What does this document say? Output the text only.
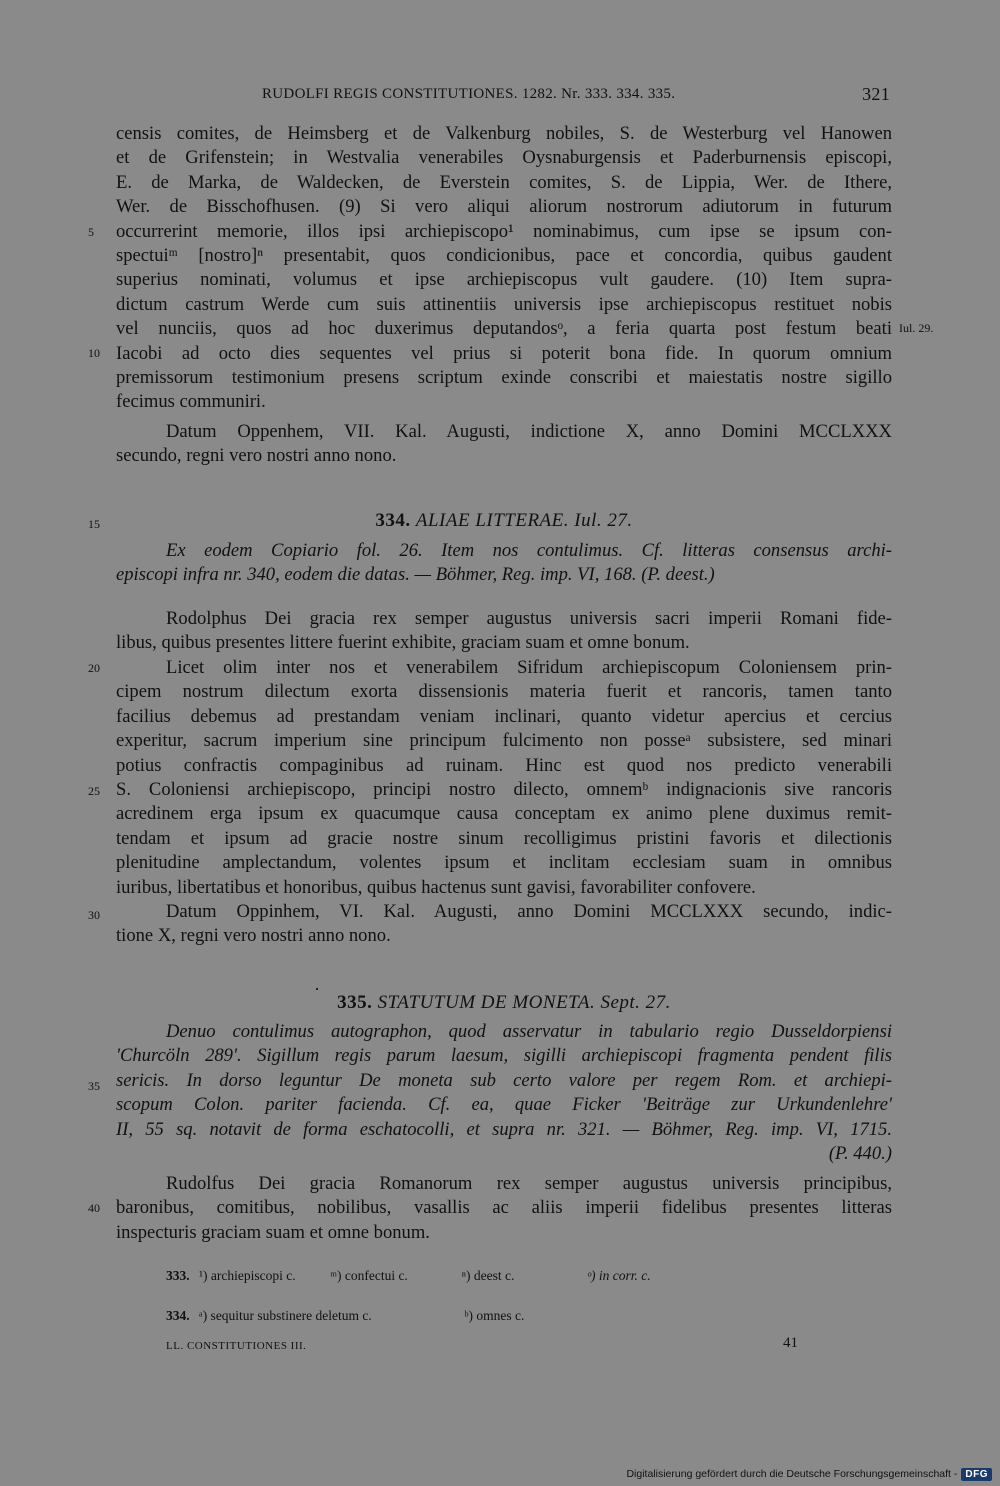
RUDOLFI REGIS CONSTITUTIONES. 1282. Nr. 333. 334. 335.	321
censis comites, de Heimsberg et de Valkenburg nobiles, S. de Westerburg vel Hanowen
et de Grifenstein; in Westvalia venerabiles Oysnaburgensis et Paderburnensis episcopi,
E. de Marka, de Waldecken, de Everstein comites, S. de Lippia, Wer. de Ithere,
Wer. de Bisschofhusen. (9) Si vero aliqui aliorum nostrorum adiutorum in futurum
occurrerint memorie, illos ipsi archiepiscopo¹ nominabimus, cum ipse se ipsum con-
spectuiᵐ [nostro]ⁿ presentabit, quos condicionibus, pace et concordia, quibus gaudent
superius nominati, volumus et ipse archiepiscopus vult gaudere. (10) Item supra-
dictum castrum Werde cum suis attinentiis universis ipse archiepiscopus restituet nobis
vel nunciis, quos ad hoc duxerimus deputandosᵒ, a feria quarta post festum beati
Iacobi ad octo dies sequentes vel prius si poterit bona fide. In quorum omnium
premissorum testimonium presens scriptum exinde conscribi et maiestatis nostre sigillo
fecimus communiri.
Iul. 29.
Datum Oppenhem, VII. Kal. Augusti, indictione X, anno Domini MCCLXXX
secundo, regni vero nostri anno nono.
5
10
15
20
25
30
35
40
334. ALIAE LITTERAE. Iul. 27.
Ex eodem Copiario fol. 26. Item nos contulimus. Cf. litteras consensus archi-
episcopi infra nr. 340, eodem die datas. — Böhmer, Reg. imp. VI, 168. (P. deest.)
Rodolphus Dei gracia rex semper augustus universis sacri imperii Romani fide-
libus, quibus presentes littere fuerint exhibite, graciam suam et omne bonum.
Licet olim inter nos et venerabilem Sifridum archiepiscopum Coloniensem prin-
cipem nostrum dilectum exorta dissensionis materia fuerit et rancoris, tamen tanto
facilius debemus ad prestandam veniam inclinari, quanto videtur apercius et cercius
experitur, sacrum imperium sine principum fulcimento non posseᵃ subsistere, sed minari
potius confractis compaginibus ad ruinam. Hinc est quod nos predicto venerabili
S. Coloniensi archiepiscopo, principi nostro dilecto, omnemᵇ indignacionis sive rancoris
acredinem erga ipsum ex quacumque causa conceptam ex animo plene duximus remit-
tendam et ipsum ad gracie nostre sinum recolligimus pristini favoris et dilectionis
plenitudine amplectandum, volentes ipsum et inclitam ecclesiam suam in omnibus
iuribus, libertatibus et honoribus, quibus hactenus sunt gavisi, favorabiliter confovere.
Datum Oppinhem, VI. Kal. Augusti, anno Domini MCCLXXX secundo, indic-
tione X, regni vero nostri anno nono.
335. STATUTUM DE MONETA. Sept. 27.
Denuo contulimus autographon, quod asservatur in tabulario regio Dusseldorpiensi
'Churcöln 289'. Sigillum regis parum laesum, sigilli archiepiscopi fragmenta pendent filis
sericis. In dorso leguntur De moneta sub certo valore per regem Rom. et archiepi-
scopum Colon. pariter facienda. Cf. ea, quae Ficker 'Beiträge zur Urkundenlehre'
II, 55 sq. notavit de forma eschatocolli, et supra nr. 321. — Böhmer, Reg. imp. VI, 1715.
(P. 440.)
Rudolfus Dei gracia Romanorum rex semper augustus universis principibus,
baronibus, comitibus, nobilibus, vasallis ac aliis imperii fidelibus presentes litteras
inspecturis graciam suam et omne bonum.
333. ¹) archiepiscopi c.	ᵐ) confectui c.	ⁿ) deest c.	ᵒ) in corr. c.
334. ᵃ) sequitur substinere deletum c.	ᵇ) omnes c.
LL. CONSTITUTIONES III.	41
Digitalisierung gefördert durch die Deutsche Forschungsgemeinschaft - DFG
